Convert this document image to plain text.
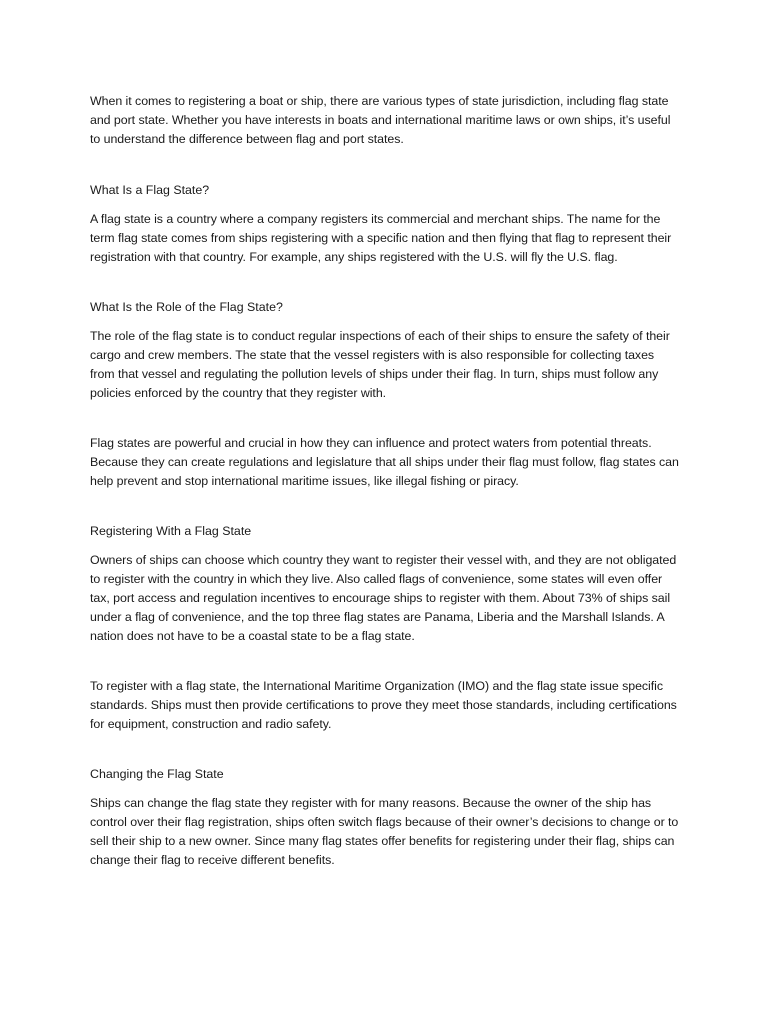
When it comes to registering a boat or ship, there are various types of state jurisdiction, including flag state and port state. Whether you have interests in boats and international maritime laws or own ships, it’s useful to understand the difference between flag and port states.

What Is a Flag State?

A flag state is a country where a company registers its commercial and merchant ships. The name for the term flag state comes from ships registering with a specific nation and then flying that flag to represent their registration with that country. For example, any ships registered with the U.S. will fly the U.S. flag.

What Is the Role of the Flag State?

The role of the flag state is to conduct regular inspections of each of their ships to ensure the safety of their cargo and crew members. The state that the vessel registers with is also responsible for collecting taxes from that vessel and regulating the pollution levels of ships under their flag. In turn, ships must follow any policies enforced by the country that they register with.

Flag states are powerful and crucial in how they can influence and protect waters from potential threats. Because they can create regulations and legislature that all ships under their flag must follow, flag states can help prevent and stop international maritime issues, like illegal fishing or piracy.

Registering With a Flag State

Owners of ships can choose which country they want to register their vessel with, and they are not obligated to register with the country in which they live. Also called flags of convenience, some states will even offer tax, port access and regulation incentives to encourage ships to register with them. About 73% of ships sail under a flag of convenience, and the top three flag states are Panama, Liberia and the Marshall Islands. A nation does not have to be a coastal state to be a flag state.

To register with a flag state, the International Maritime Organization (IMO) and the flag state issue specific standards. Ships must then provide certifications to prove they meet those standards, including certifications for equipment, construction and radio safety.

Changing the Flag State

Ships can change the flag state they register with for many reasons. Because the owner of the ship has control over their flag registration, ships often switch flags because of their owner’s decisions to change or to sell their ship to a new owner. Since many flag states offer benefits for registering under their flag, ships can change their flag to receive different benefits.
